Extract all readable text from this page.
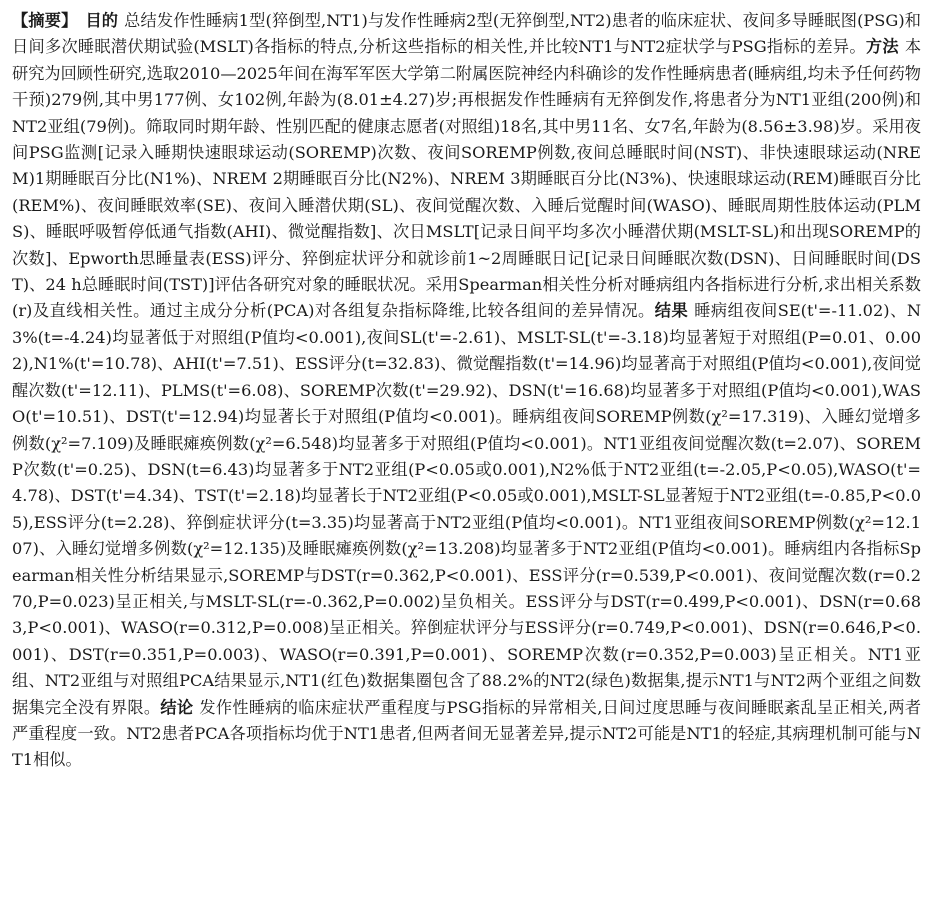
【摘要】 目的 总结发作性睡病1型(猝倒型,NT1)与发作性睡病2型(无猝倒型,NT2)患者的临床症状、夜间多导睡眠图(PSG)和日间多次睡眠潜伏期试验(MSLT)各指标的特点,分析这些指标的相关性,并比较NT1与NT2症状学与PSG指标的差异。方法 本研究为回顾性研究,选取2010—2025年间在海军军医大学第二附属医院神经内科确诊的发作性睡病患者(睡病组,均未予任何药物干预)279例,其中男177例、女102例,年龄为(8.01±4.27)岁;再根据发作性睡病有无猝倒发作,将患者分为NT1亚组(200例)和NT2亚组(79例)。筛取同时期年龄、性别匹配的健康志愿者(对照组)18名,其中男11名、女7名,年龄为(8.56±3.98)岁。采用夜间PSG监测[记录入睡期快速眼球运动(SOREMP)次数、夜间SOREMP例数,夜间总睡眠时间(NST)、非快速眼球运动(NREM)1期睡眠百分比(N1%)、NREM 2期睡眠百分比(N2%)、NREM 3期睡眠百分比(N3%)、快速眼球运动(REM)睡眠百分比(REM%)、夜间睡眠效率(SE)、夜间入睡潜伏期(SL)、夜间觉醒次数、入睡后觉醒时间(WASO)、睡眠周期性肢体运动(PLMS)、睡眠呼吸暂停低通气指数(AHI)、微觉醒指数]、次日MSLT[记录日间平均多次小睡潜伏期(MSLT-SL)和出现SOREMP的次数]、Epworth思睡量表(ESS)评分、猝倒症状评分和就诊前1~2周睡眠日记[记录日间睡眠次数(DSN)、日间睡眠时间(DST)、24 h总睡眠时间(TST)]评估各研究对象的睡眠状况。采用Spearman相关性分析对睡病组内各指标进行分析,求出相关系数(r)及直线相关性。通过主成分分析(PCA)对各组复杂指标降维,比较各组间的差异情况。结果 睡病组夜间SE(t'=-11.02)、N3%(t=-4.24)均显著低于对照组(P值均<0.001),夜间SL(t'=-2.61)、MSLT-SL(t'=-3.18)均显著短于对照组(P=0.01、0.002),N1%(t'=10.78)、AHI(t'=7.51)、ESS评分(t=32.83)、微觉醒指数(t'=14.96)均显著高于对照组(P值均<0.001),夜间觉醒次数(t'=12.11)、PLMS(t'=6.08)、SOREMP次数(t'=29.92)、DSN(t'=16.68)均显著多于对照组(P值均<0.001),WASO(t'=10.51)、DST(t'=12.94)均显著长于对照组(P值均<0.001)。睡病组夜间SOREMP例数(χ²=17.319)、入睡幻觉增多例数(χ²=7.109)及睡眠瘫痪例数(χ²=6.548)均显著多于对照组(P值均<0.001)。NT1亚组夜间觉醒次数(t=2.07)、SOREMP次数(t'=0.25)、DSN(t=6.43)均显著多于NT2亚组(P<0.05或0.001),N2%低于NT2亚组(t=-2.05,P<0.05),WASO(t'=4.78)、DST(t'=4.34)、TST(t'=2.18)均显著长于NT2亚组(P<0.05或0.001),MSLT-SL显著短于NT2亚组(t=-0.85,P<0.05),ESS评分(t=2.28)、猝倒症状评分(t=3.35)均显著高于NT2亚组(P值均<0.001)。NT1亚组夜间SOREMP例数(χ²=12.107)、入睡幻觉增多例数(χ²=12.135)及睡眠瘫痪例数(χ²=13.208)均显著多于NT2亚组(P值均<0.001)。睡病组内各指标Spearman相关性分析结果显示,SOREMP与DST(r=0.362,P<0.001)、ESS评分(r=0.539,P<0.001)、夜间觉醒次数(r=0.270,P=0.023)呈正相关,与MSLT-SL(r=-0.362,P=0.002)呈负相关。ESS评分与DST(r=0.499,P<0.001)、DSN(r=0.683,P<0.001)、WASO(r=0.312,P=0.008)呈正相关。猝倒症状评分与ESS评分(r=0.749,P<0.001)、DSN(r=0.646,P<0.001)、DST(r=0.351,P=0.003)、WASO(r=0.391,P=0.001)、SOREMP次数(r=0.352,P=0.003)呈正相关。NT1亚组、NT2亚组与对照组PCA结果显示,NT1(红色)数据集圈包含了88.2%的NT2(绿色)数据集,提示NT1与NT2两个亚组之间数据集完全没有界限。结论 发作性睡病的临床症状严重程度与PSG指标的异常相关,日间过度思睡与夜间睡眠紊乱呈正相关,两者严重程度一致。NT2患者PCA各项指标均优于NT1患者,但两者间无显著差异,提示NT2可能是NT1的轻症,其病理机制可能与NT1相似。
